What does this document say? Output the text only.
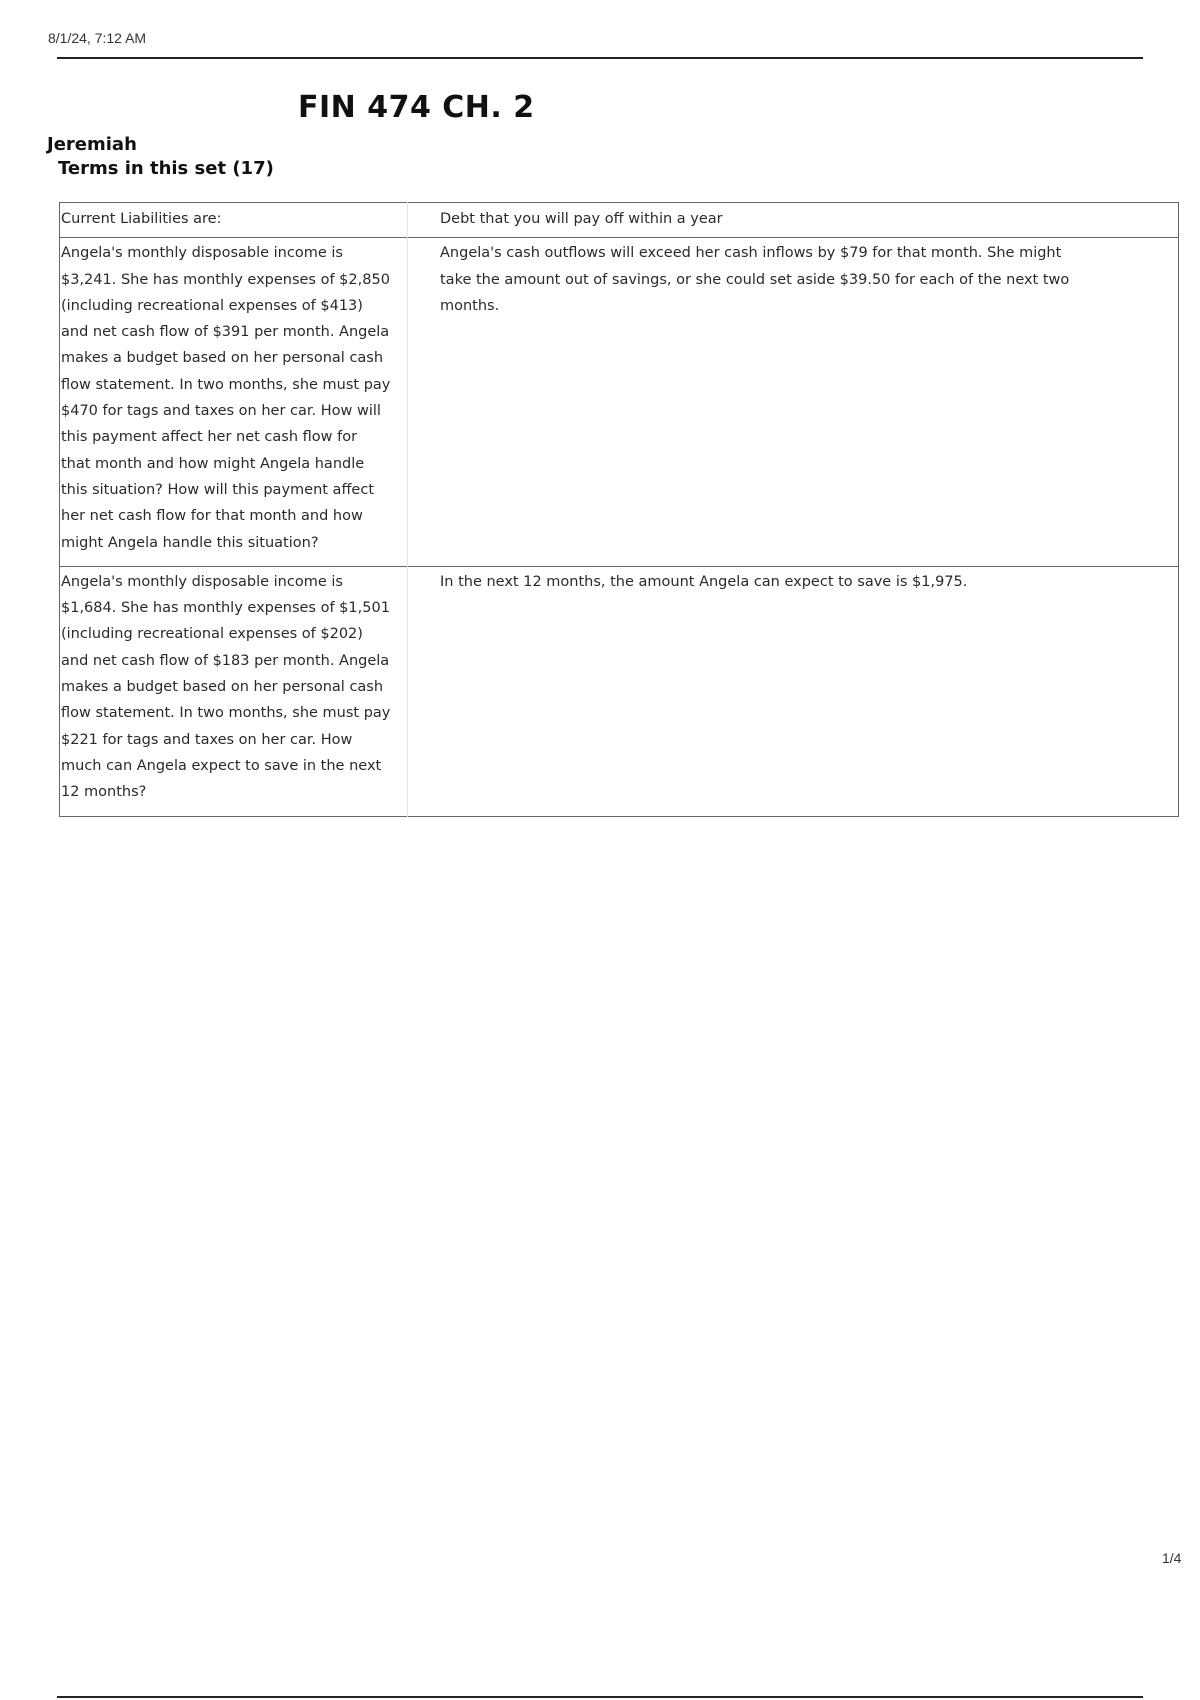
8/1/24, 7:12 AM
FIN 474 CH. 2
Jeremiah
Terms in this set (17)
Current Liabilities are:	Debt that you will pay off within a year

Angela's monthly disposable income is $3,241. She has monthly expenses of $2,850 (including recreational expenses of $413) and net cash flow of $391 per month. Angela makes a budget based on her personal cash flow statement. In two months, she must pay $470 for tags and taxes on her car. How will this payment affect her net cash flow for that month and how might Angela handle this situation? How will this payment affect her net cash flow for that month and how might Angela handle this situation?	Angela's cash outflows will exceed her cash inflows by $79 for that month. She might take the amount out of savings, or she could set aside $39.50 for each of the next two months.

Angela's monthly disposable income is $1,684. She has monthly expenses of $1,501 (including recreational expenses of $202) and net cash flow of $183 per month. Angela makes a budget based on her personal cash flow statement. In two months, she must pay $221 for tags and taxes on her car. How much can Angela expect to save in the next 12 months?	In the next 12 months, the amount Angela can expect to save is $1,975.
1/4
